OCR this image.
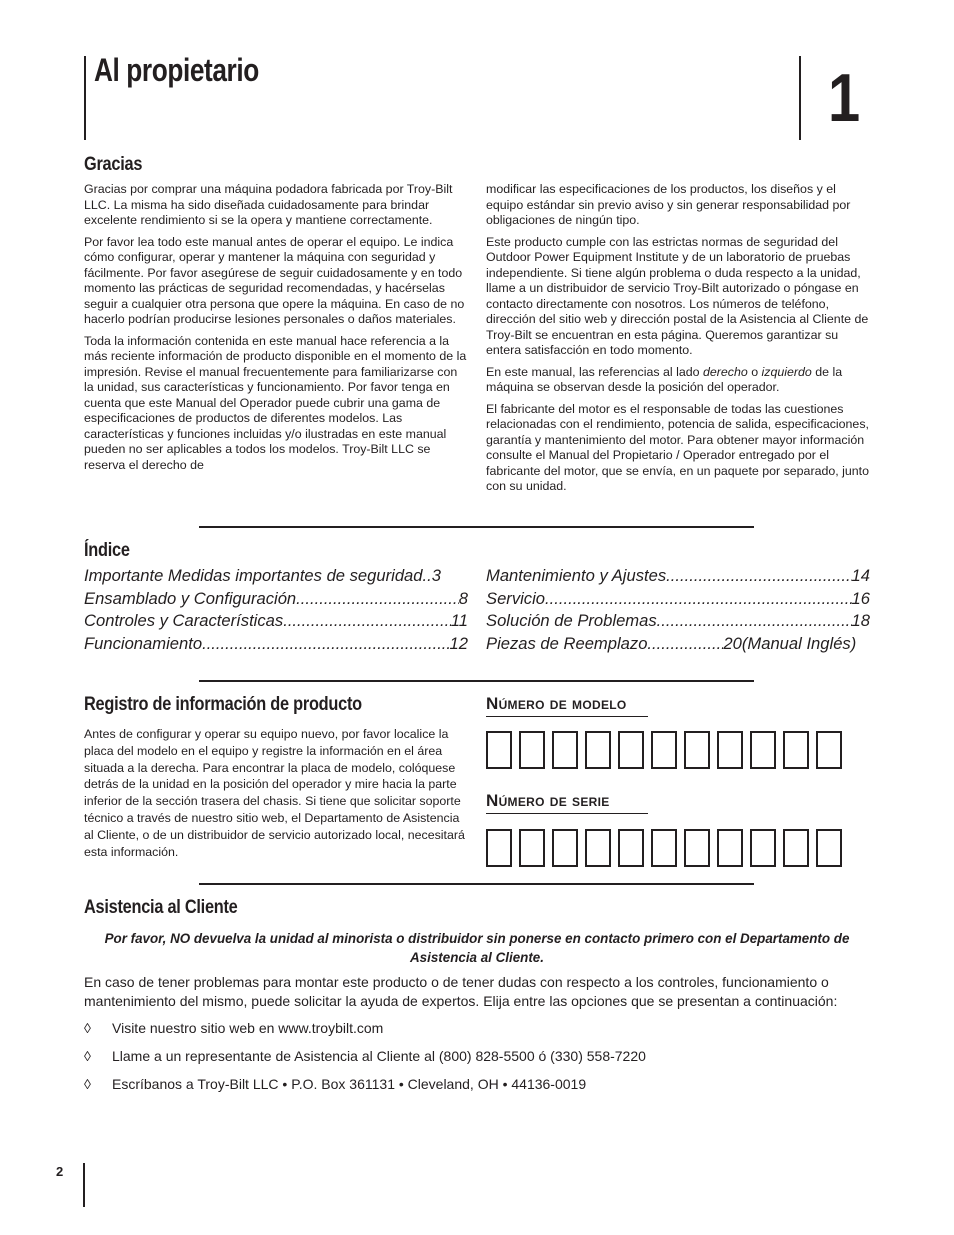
Al propietario	1
Gracias

Gracias por comprar una máquina podadora fabricada por Troy-Bilt LLC. La misma ha sido diseñada cuidadosamente para brindar excelente rendimiento si se la opera y mantiene correctamente.

Por favor lea todo este manual antes de operar el equipo. Le indica cómo configurar, operar y mantener la máquina con seguridad y fácilmente. Por favor asegúrese de seguir cuidadosamente y en todo momento las prácticas de seguridad recomendadas, y hacérselas seguir a cualquier otra persona que opere la máquina. En caso de no hacerlo podrían producirse lesiones personales o daños materiales.

Toda la información contenida en este manual hace referencia a la más reciente información de producto disponible en el momento de la impresión. Revise el manual frecuentemente para familiarizarse con la unidad, sus características y funcionamiento. Por favor tenga en cuenta que este Manual del Operador puede cubrir una gama de especificaciones de productos de diferentes modelos. Las características y funciones incluidas y/o ilustradas en este manual pueden no ser aplicables a todos los modelos. Troy-Bilt LLC se reserva el derecho de

modificar las especificaciones de los productos, los diseños y el equipo estándar sin previo aviso y sin generar responsabilidad por obligaciones de ningún tipo.

Este producto cumple con las estrictas normas de seguridad del Outdoor Power Equipment Institute y de un laboratorio de pruebas independiente. Si tiene algún problema o duda respecto a la unidad, llame a un distribuidor de servicio Troy-Bilt autorizado o póngase en contacto directamente con nosotros. Los números de teléfono, dirección del sitio web y dirección postal de la Asistencia al Cliente de Troy-Bilt se encuentran en esta página. Queremos garantizar su entera satisfacción en todo momento.

En este manual, las referencias al lado derecho o izquierdo de la máquina se observan desde la posición del operador.

El fabricante del motor es el responsable de todas las cuestiones relacionadas con el rendimiento, potencia de salida, especificaciones, garantía y mantenimiento del motor. Para obtener mayor información consulte el Manual del Propietario / Operador entregado por el fabricante del motor, que se envía, en un paquete por separado, junto con su unidad.

Índice
Importante Medidas importantes de seguridad.. 3
Ensamblado y Configuración .....	8
Controles y Características .....	11
Funcionamiento .....	12
Mantenimiento y Ajustes .....	14
Servicio .....	16
Solución de Problemas .....	18
Piezas de Reemplazo .....	20(Manual Inglés)
Registro de información de producto
Antes de configurar y operar su equipo nuevo, por favor localice la placa del modelo en el equipo y registre la información en el área situada a la derecha. Para encontrar la placa de modelo, colóquese detrás de la unidad en la posición del operador y mire hacia la parte inferior de la sección trasera del chasis. Si tiene que solicitar soporte técnico a través de nuestro sitio web, el Departamento de Asistencia al Cliente, o de un distribuidor de servicio autorizado local, necesitará esta información.
Número de modelo
Número de serie
Asistencia al Cliente
Por favor, NO devuelva la unidad al minorista o distribuidor sin ponerse en contacto primero con el Departamento de Asistencia al Cliente.
En caso de tener problemas para montar este producto o de tener dudas con respecto a los controles, funcionamiento o mantenimiento del mismo, puede solicitar la ayuda de expertos. Elija entre las opciones que se presentan a continuación:
◊	Visite nuestro sitio web en www.troybilt.com
◊	Llame a un representante de Asistencia al Cliente al (800) 828-5500 ó (330) 558-7220
◊	Escríbanos a Troy-Bilt LLC • P.O. Box 361131 • Cleveland, OH • 44136-0019
2
